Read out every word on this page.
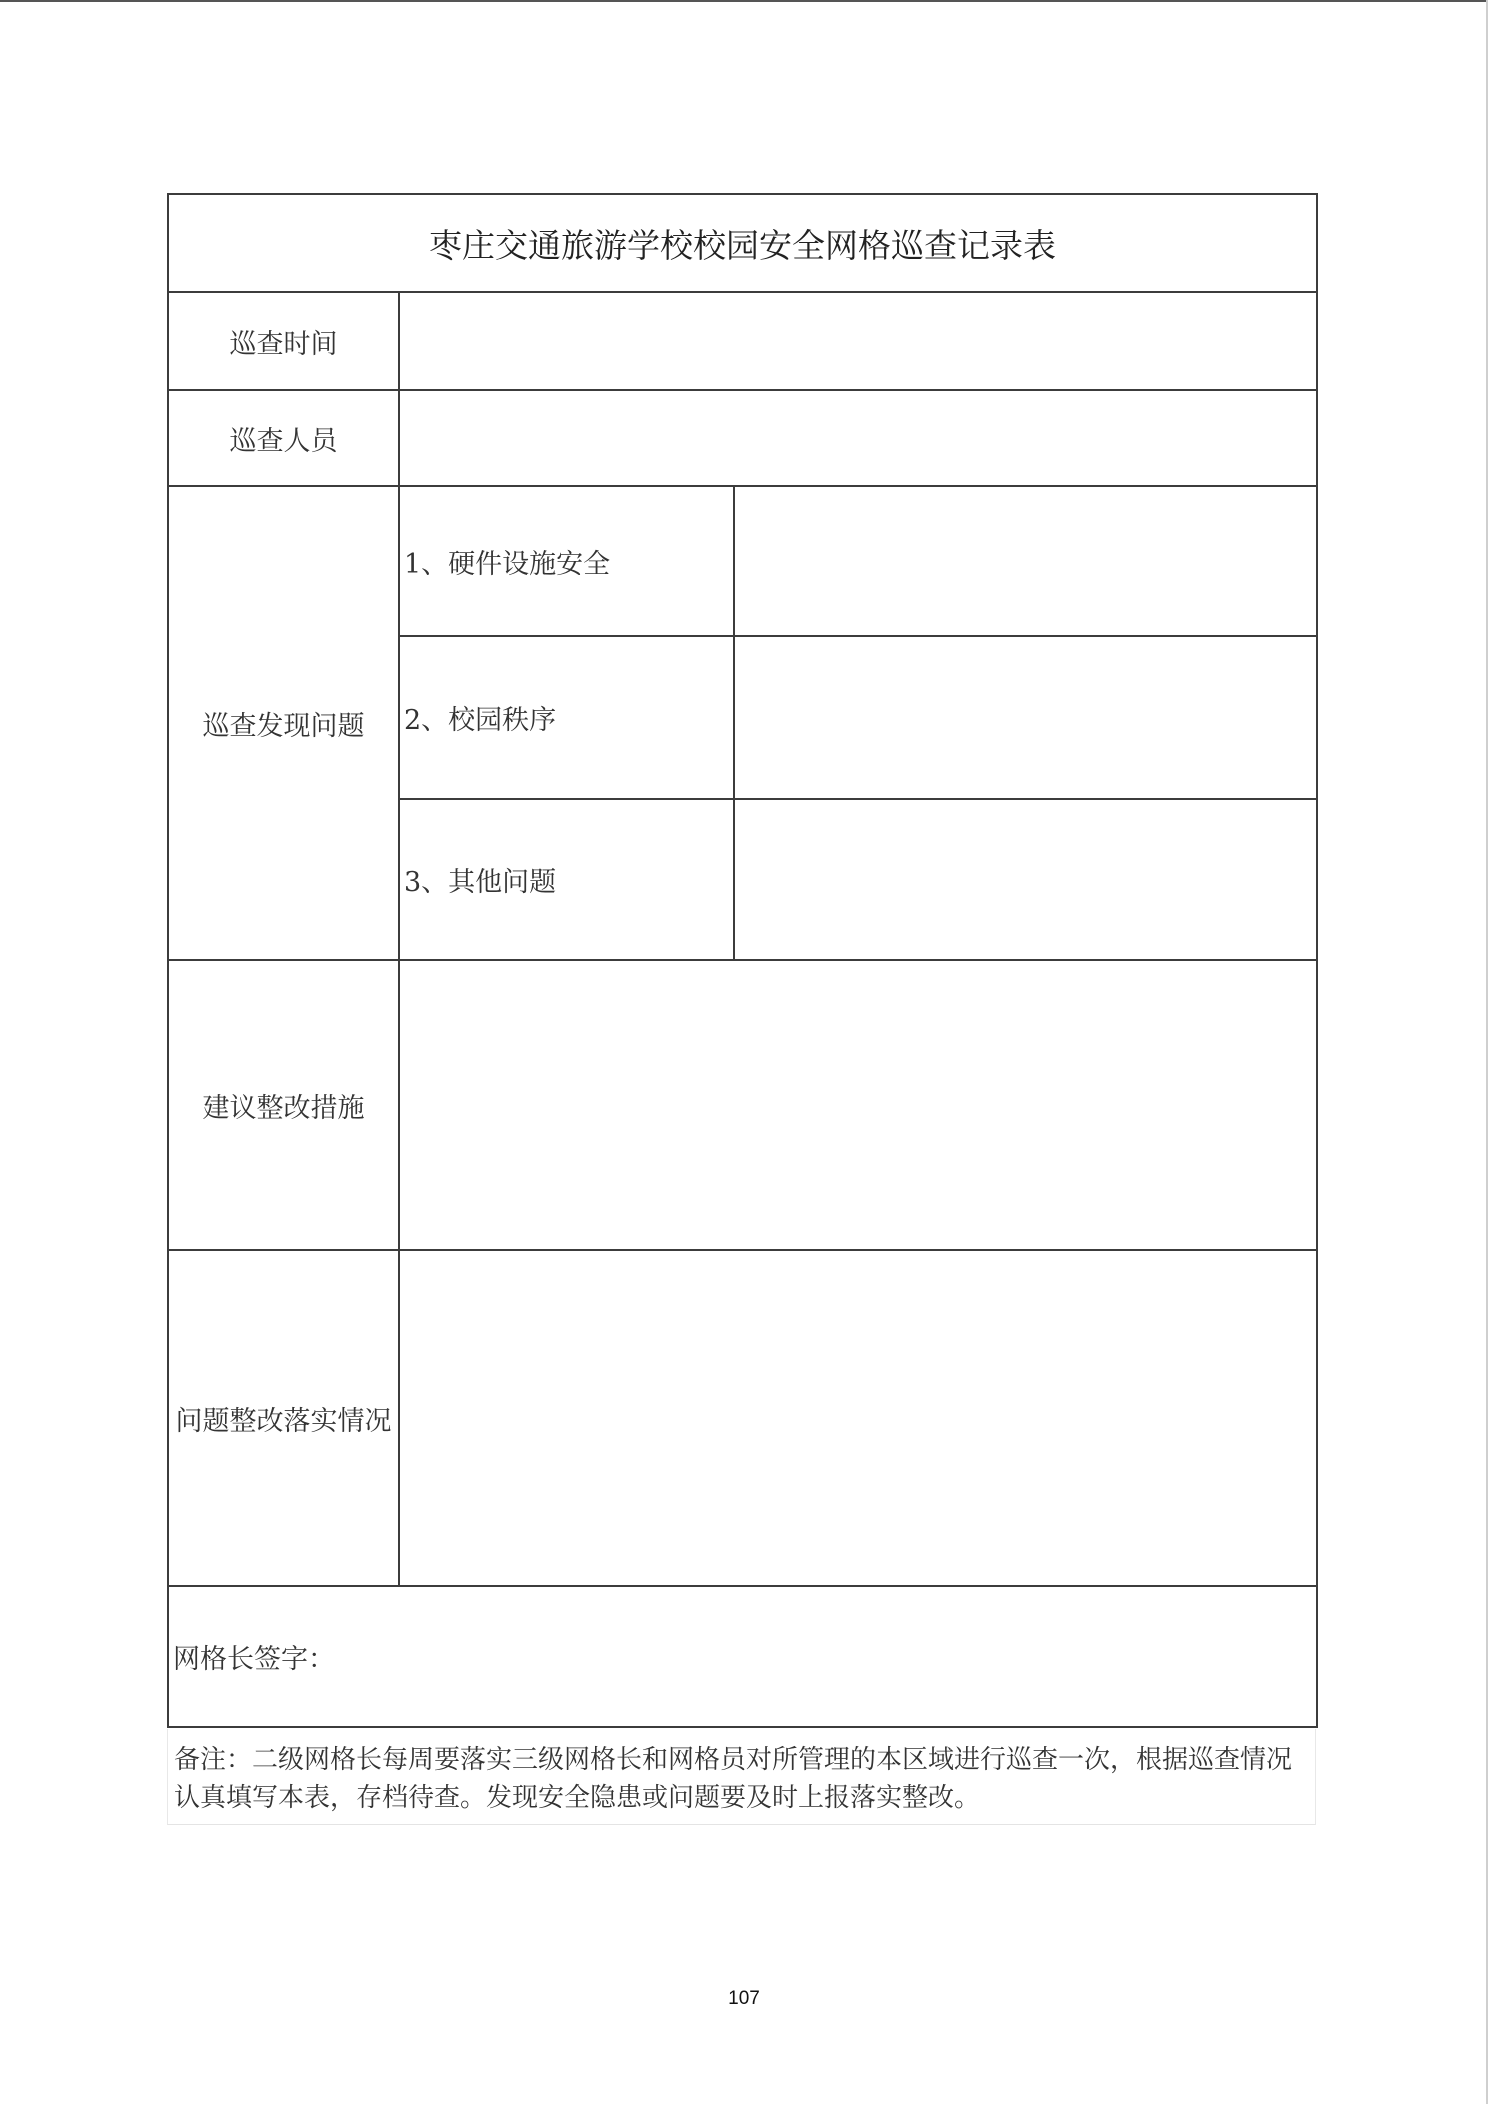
枣庄交通旅游学校校园安全网格巡查记录表		
巡查时间		
巡查人员		
巡查发现问题	1、硬件设施安全	
	2、校园秩序	
	3、其他问题	
建议整改措施		
问题整改落实情况		
网格长签字：		
备注：二级网格长每周要落实三级网格长和网格员对所管理的本区域进行巡查一次，根据巡查情况认真填写本表，存档待查。发现安全隐患或问题要及时上报落实整改。
107
